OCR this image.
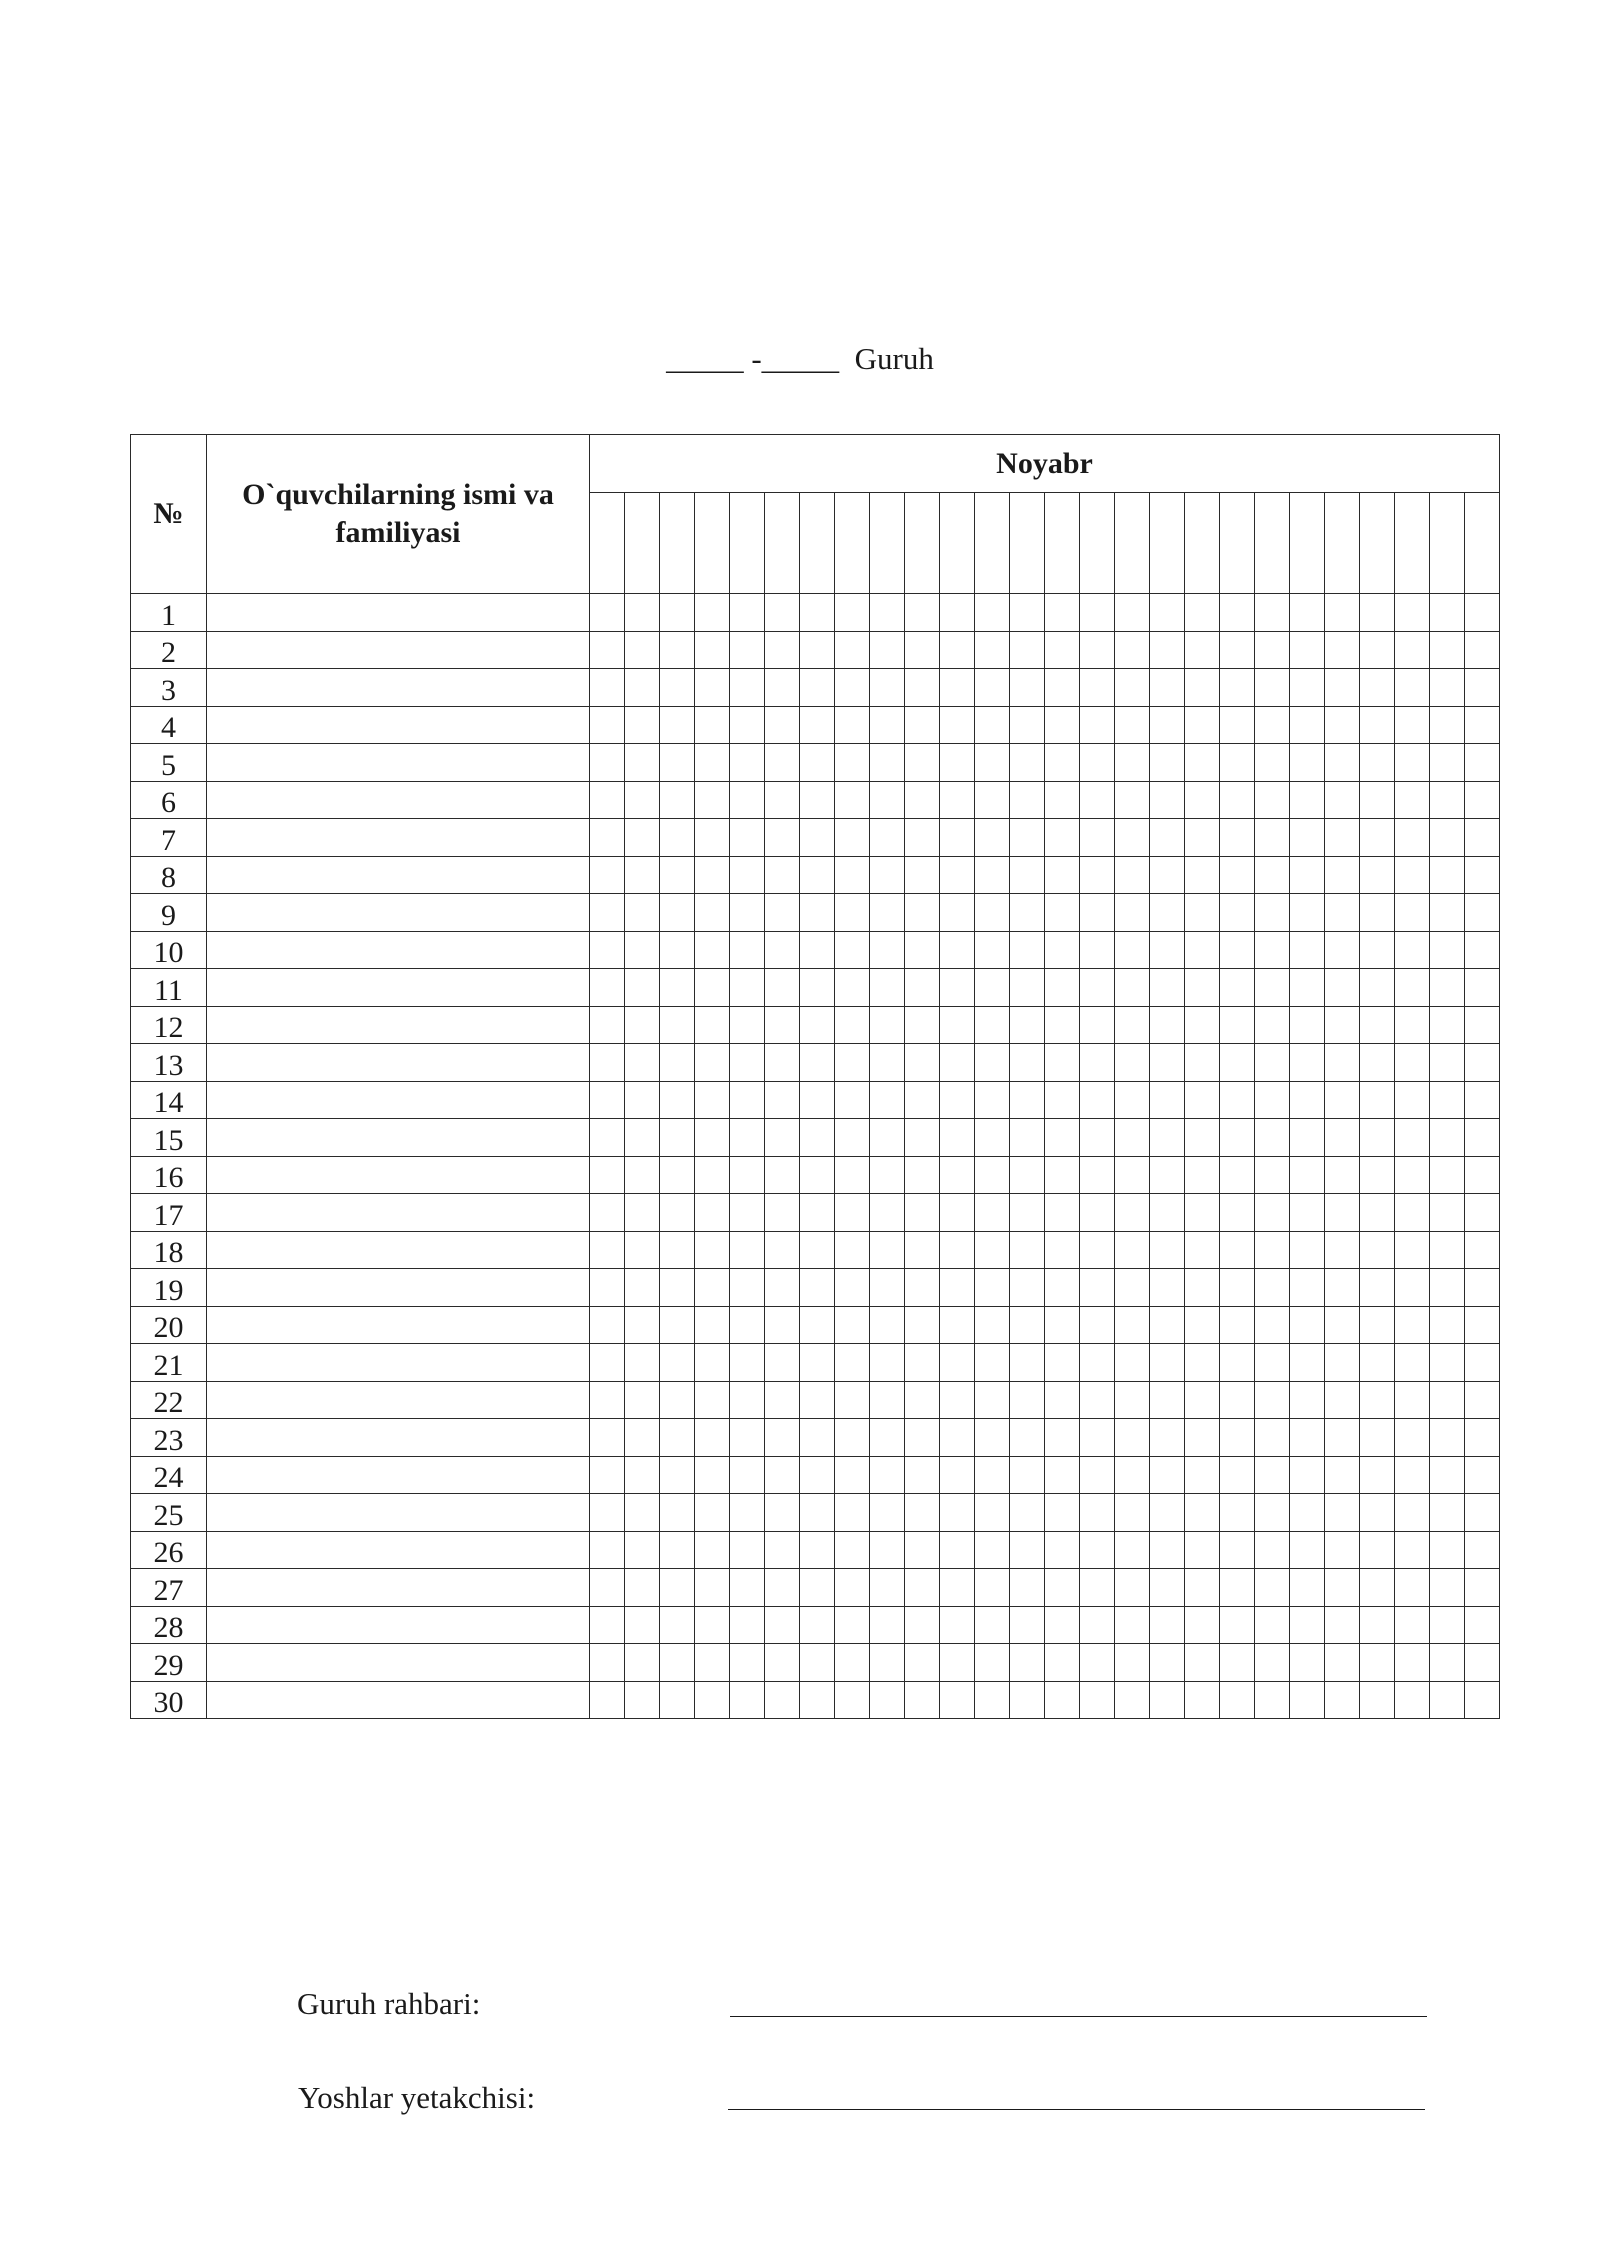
_____ -_____  Guruh
№	O`quvchilarning ismi va familiyasi	Noyabr																									

1																											
2																											
3																											
4																											
5																											
6																											
7																											
8																											
9																											
10																											
11																											
12																											
13																											
14																											
15																											
16																											
17																											
18																											
19																											
20																											
21																											
22																											
23																											
24																											
25																											
26																											
27																											
28																											
29																											
30																											
Guruh rahbari:
Yoshlar yetakchisi:
